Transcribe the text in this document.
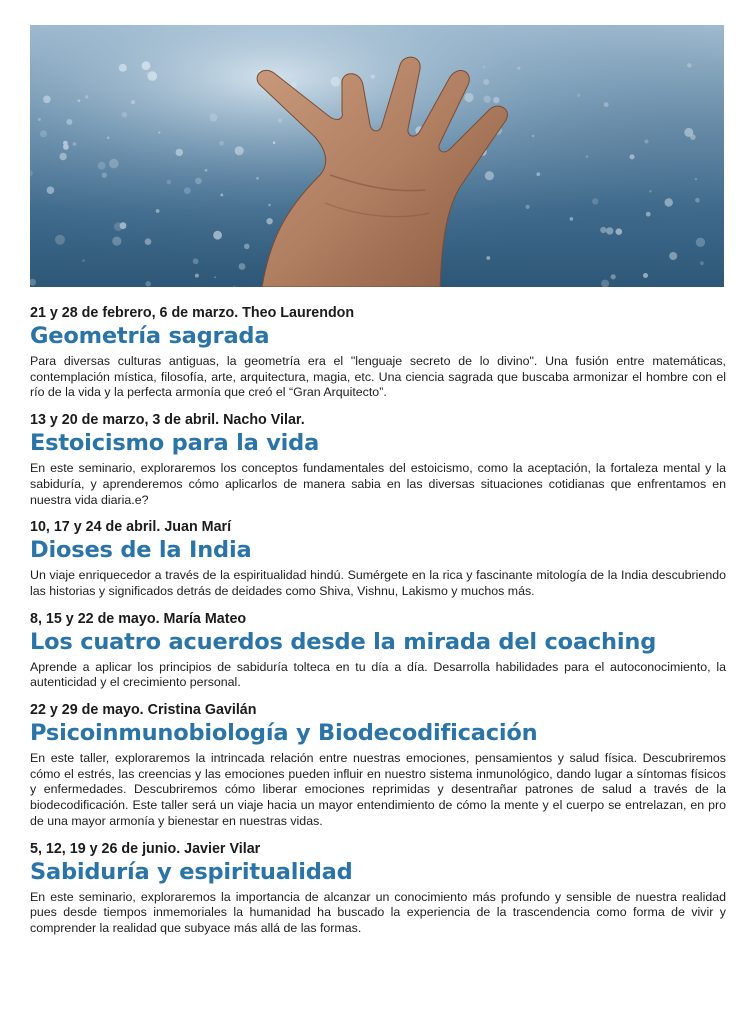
21 y 28 de febrero, 6 de marzo. Theo Laurendon

Geometría sagrada

Para diversas culturas antiguas, la geometría era el "lenguaje secreto de lo divino". Una fusión entre matemáticas, contemplación mística, filosofía, arte, arquitectura, magia, etc. Una ciencia sagrada que buscaba armonizar el hombre con el río de la vida y la perfecta armonía que creó el “Gran Arquitecto”.

13 y 20 de marzo, 3 de abril. Nacho Vilar.

Estoicismo para la vida

En este seminario, exploraremos los conceptos fundamentales del estoicismo, como la aceptación, la fortaleza mental y la sabiduría, y aprenderemos cómo aplicarlos de manera sabia en las diversas situaciones cotidianas que enfrentamos en nuestra vida diaria.e?

10, 17 y 24 de abril. Juan Marí

Dioses de la India

Un viaje enriquecedor a través de la espiritualidad hindú. Sumérgete en la rica y fascinante mitología de la India descubriendo las historias y significados detrás de deidades como Shiva, Vishnu, Lakismo y muchos más.

8, 15 y 22 de mayo. María Mateo

Los cuatro acuerdos desde la mirada del coaching

Aprende a aplicar los principios de sabiduría tolteca en tu día a día. Desarrolla habilidades para el autoconocimiento, la autenticidad y el crecimiento personal.

22 y 29 de mayo. Cristina Gavilán

Psicoinmunobiología y Biodecodificación

En este taller, exploraremos la intrincada relación entre nuestras emociones, pensamientos y salud física. Descubriremos cómo el estrés, las creencias y las emociones pueden influir en nuestro sistema inmunológico, dando lugar a síntomas físicos y enfermedades. Descubriremos cómo liberar emociones reprimidas y desentrañar patrones de salud a través de la biodecodificación. Este taller será un viaje hacia un mayor entendimiento de cómo la mente y el cuerpo se entrelazan, en pro de una mayor armonía y bienestar en nuestras vidas.

5, 12, 19 y 26 de junio. Javier Vilar

Sabiduría y espiritualidad

En este seminario, exploraremos la importancia de alcanzar un conocimiento más profundo y sensible de nuestra realidad pues desde tiempos inmemoriales la humanidad ha buscado la experiencia de la trascendencia como forma de vivir y comprender la realidad que subyace más allá de las formas.
